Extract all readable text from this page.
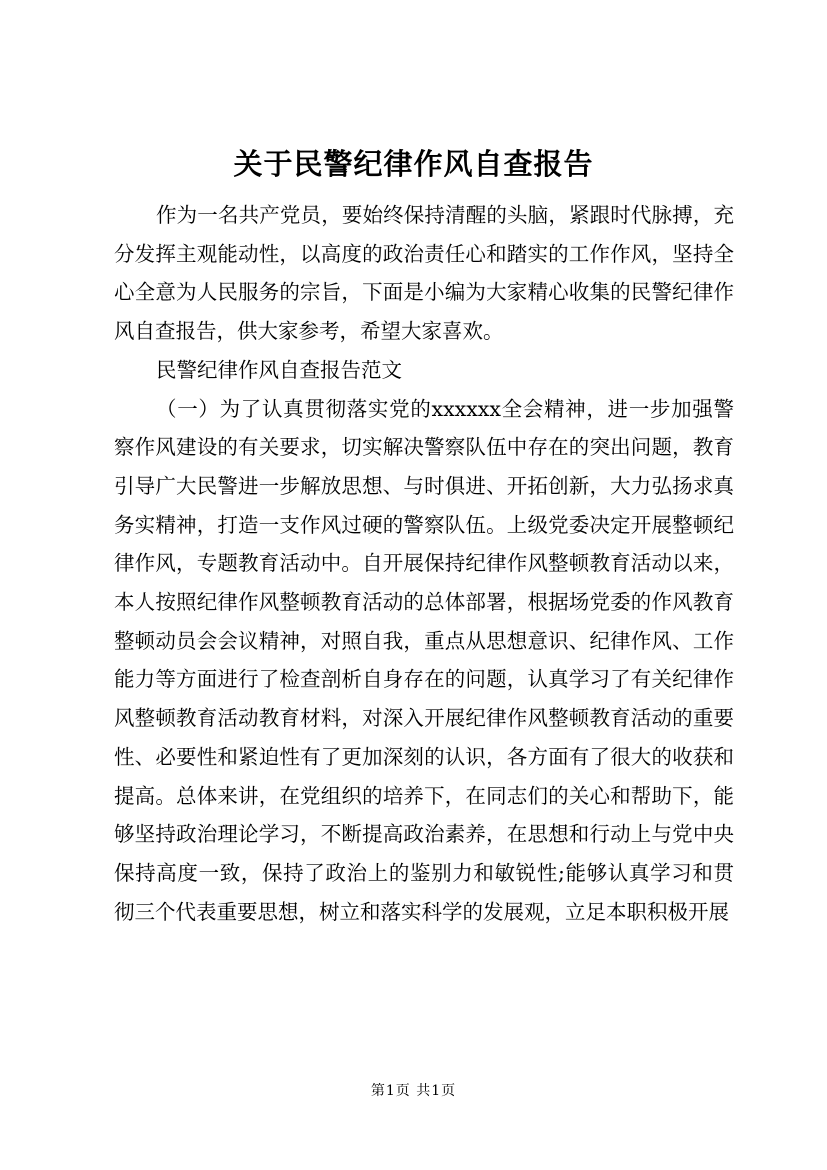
关于民警纪律作风自查报告

作为一名共产党员，要始终保持清醒的头脑，紧跟时代脉搏，充分发挥主观能动性，以高度的政治责任心和踏实的工作作风，坚持全心全意为人民服务的宗旨，下面是小编为大家精心收集的民警纪律作风自查报告，供大家参考，希望大家喜欢。

民警纪律作风自查报告范文

（一）为了认真贯彻落实党的xxxxxx全会精神，进一步加强警察作风建设的有关要求，切实解决警察队伍中存在的突出问题，教育引导广大民警进一步解放思想、与时俱进、开拓创新，大力弘扬求真务实精神，打造一支作风过硬的警察队伍。上级党委决定开展整顿纪律作风，专题教育活动中。自开展保持纪律作风整顿教育活动以来，本人按照纪律作风整顿教育活动的总体部署，根据场党委的作风教育整顿动员会会议精神，对照自我，重点从思想意识、纪律作风、工作能力等方面进行了检查剖析自身存在的问题，认真学习了有关纪律作风整顿教育活动教育材料，对深入开展纪律作风整顿教育活动的重要性、必要性和紧迫性有了更加深刻的认识，各方面有了很大的收获和提高。总体来讲，在党组织的培养下，在同志们的关心和帮助下，能够坚持政治理论学习，不断提高政治素养，在思想和行动上与党中央保持高度一致，保持了政治上的鉴别力和敏锐性;能够认真学习和贯彻三个代表重要思想，树立和落实科学的发展观，立足本职积极开展

第1页 共1页
